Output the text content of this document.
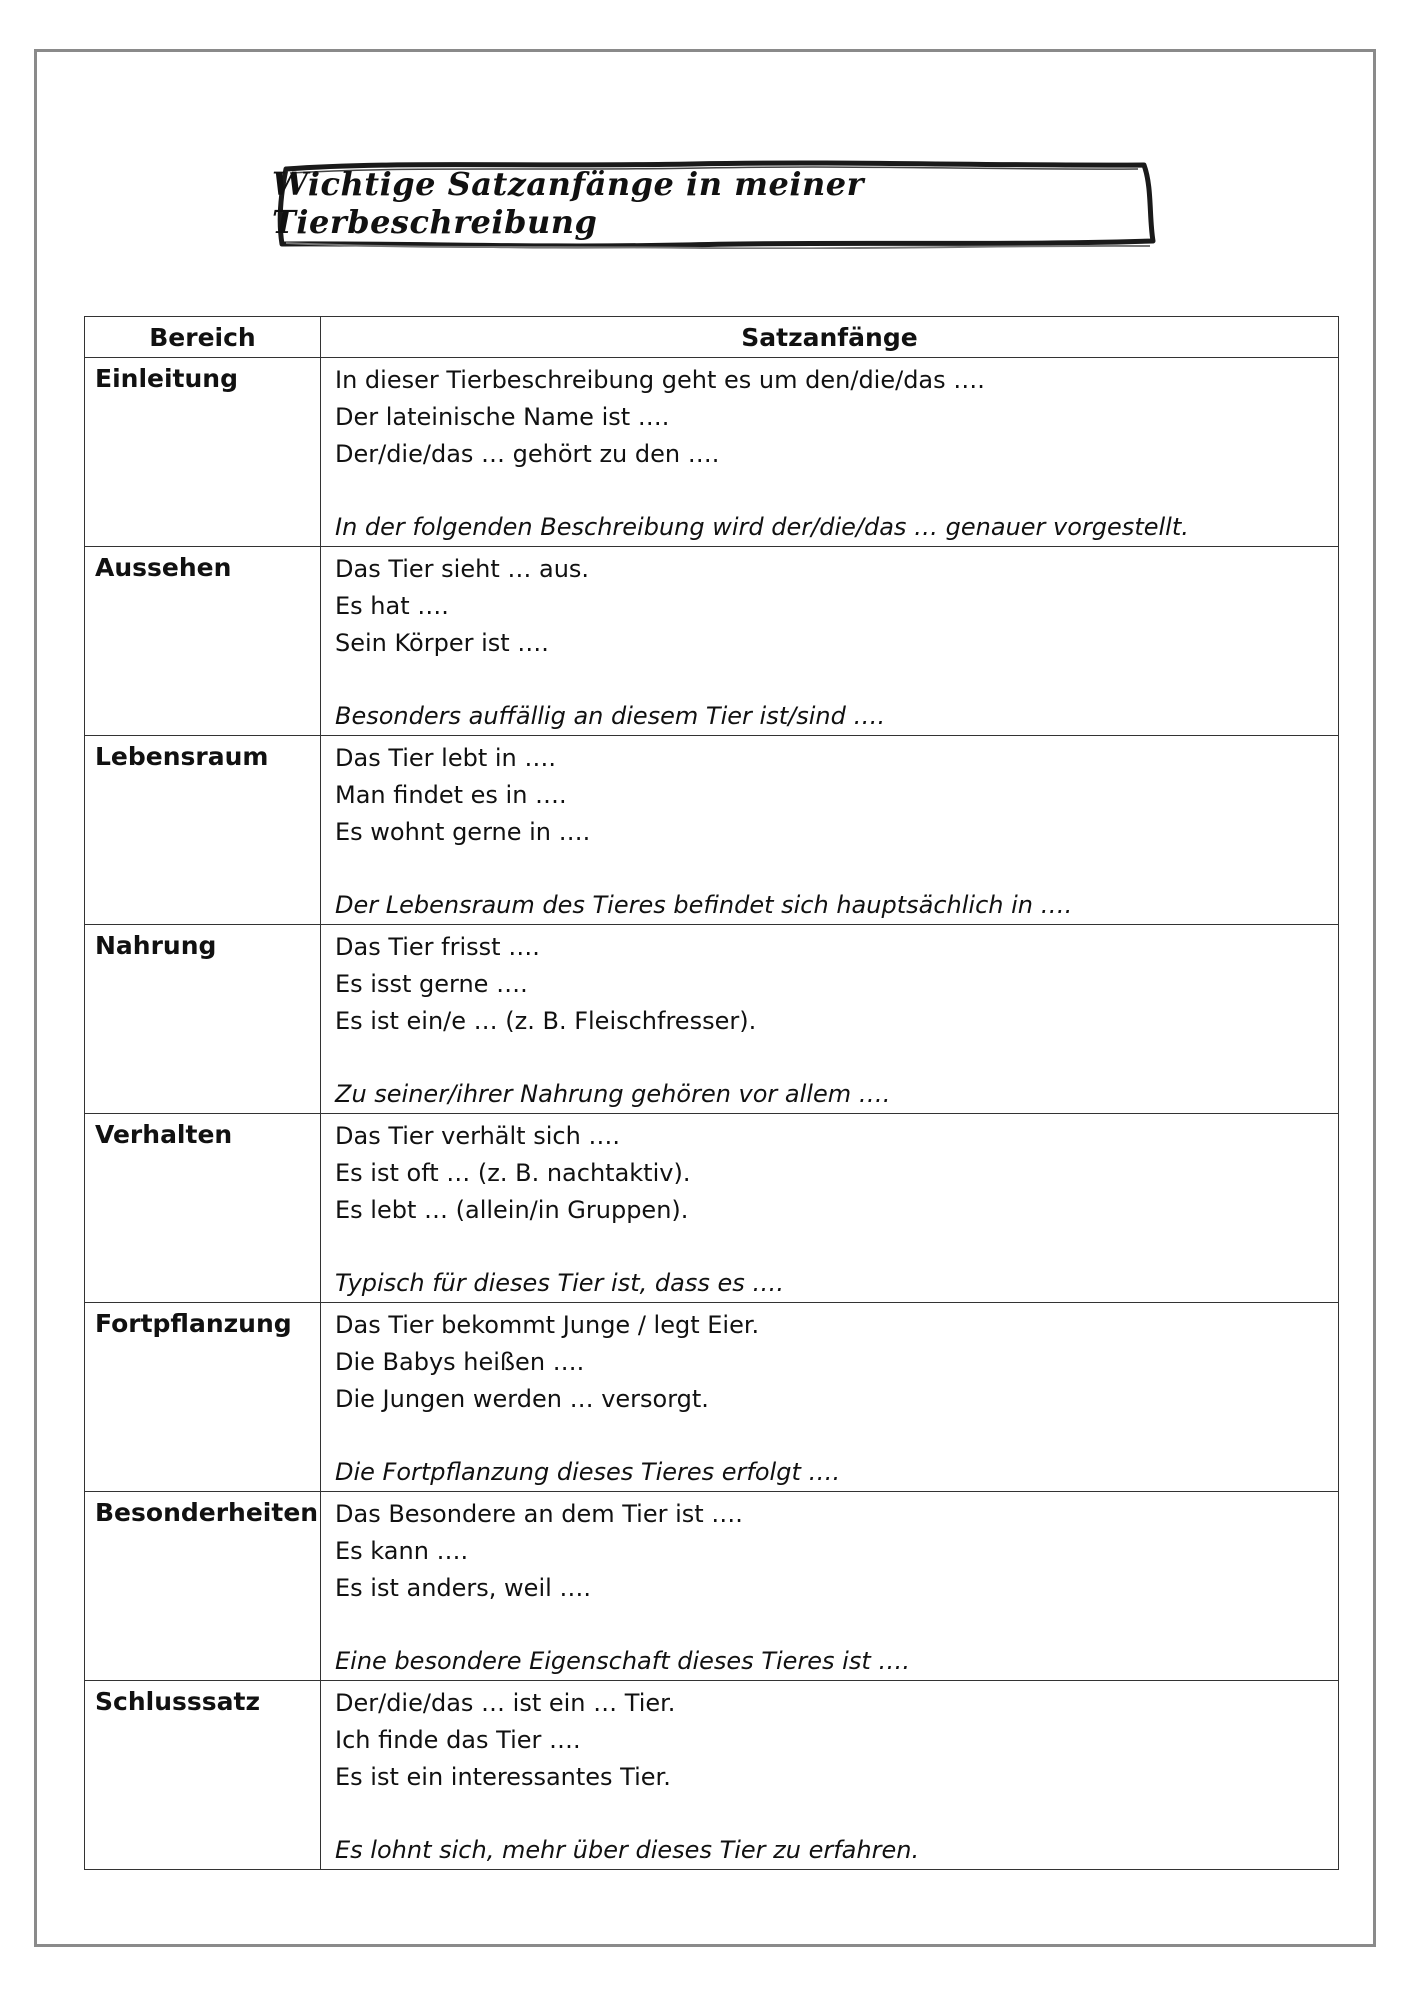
Wichtige Satzanfänge in meiner Tierbeschreibung
Bereich	Satzanfänge
Einleitung	In dieser Tierbeschreibung geht es um den/die/das ….
Der lateinische Name ist ….
Der/die/das … gehört zu den ….
In der folgenden Beschreibung wird der/die/das … genauer vorgestellt.

Aussehen	Das Tier sieht … aus.
Es hat ….
Sein Körper ist ….
Besonders auffällig an diesem Tier ist/sind ….

Lebensraum	Das Tier lebt in ….
Man findet es in ….
Es wohnt gerne in ….
Der Lebensraum des Tieres befindet sich hauptsächlich in ….

Nahrung	Das Tier frisst ….
Es isst gerne ….
Es ist ein/e … (z. B. Fleischfresser).
Zu seiner/ihrer Nahrung gehören vor allem ….

Verhalten	Das Tier verhält sich ….
Es ist oft … (z. B. nachtaktiv).
Es lebt … (allein/in Gruppen).
Typisch für dieses Tier ist, dass es ….

Fortpflanzung	Das Tier bekommt Junge / legt Eier.
Die Babys heißen ….
Die Jungen werden … versorgt.
Die Fortpflanzung dieses Tieres erfolgt ….

Besonderheiten	Das Besondere an dem Tier ist ….
Es kann ….
Es ist anders, weil ….
Eine besondere Eigenschaft dieses Tieres ist ….

Schlusssatz	Der/die/das … ist ein … Tier.
Ich finde das Tier ….
Es ist ein interessantes Tier.
Es lohnt sich, mehr über dieses Tier zu erfahren.
